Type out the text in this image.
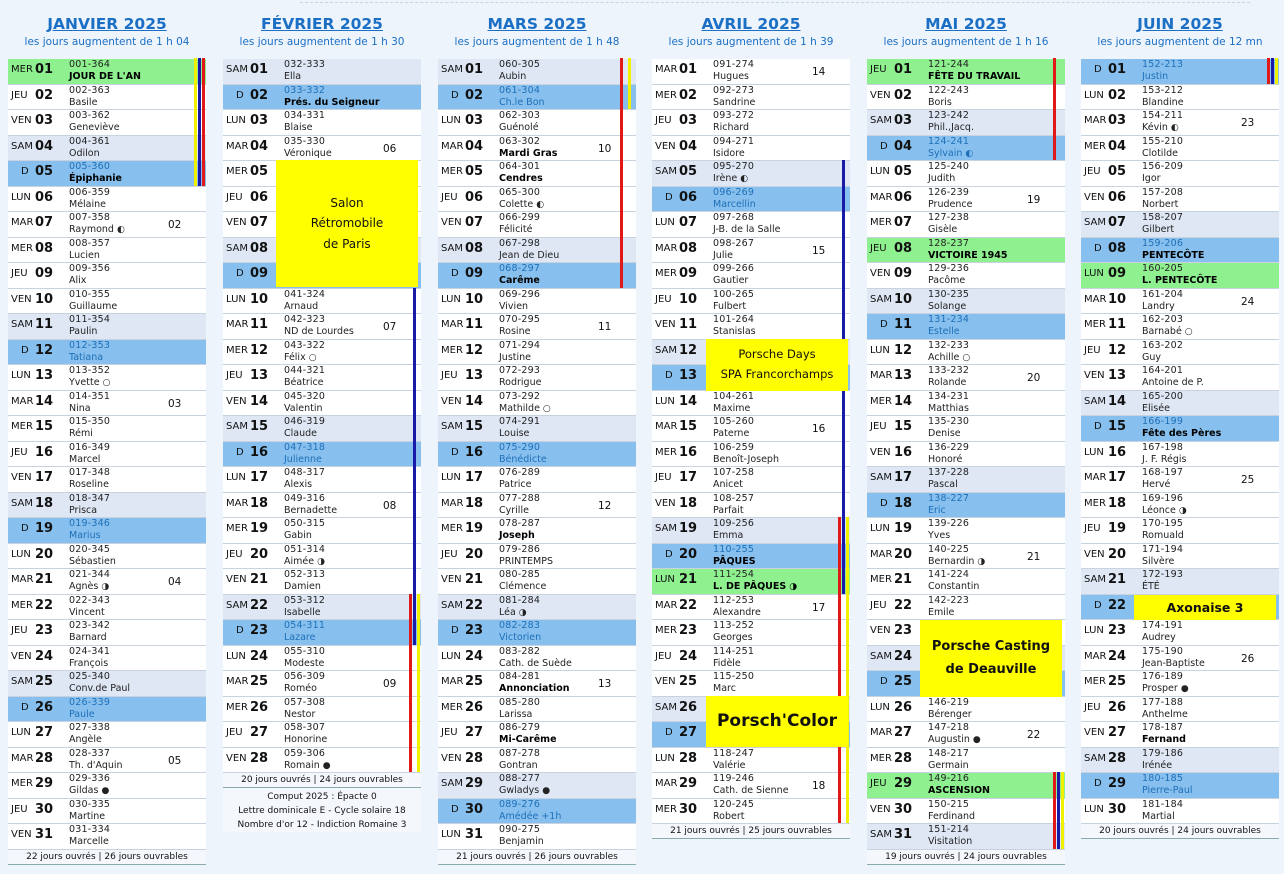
JANVIER 2025
les jours augmentent de 1 h 04
MER 01 001-364
JOUR DE L'AN
JEU 02 002-363
Basile
VEN 03 003-362
Geneviève
SAM 04 004-361
Odilon
D 05 005-360
Épiphanie
LUN 06 006-359
Mélaine
MAR 07 007-358
Raymond ◐	02
MER 08 008-357
Lucien
JEU 09 009-356
Alix
VEN 10 010-355
Guillaume
SAM 11 011-354
Paulin
D 12 012-353
Tatiana
LUN 13 013-352
Yvette ○
MAR 14 014-351
Nina	03
MER 15 015-350
Rémi
JEU 16 016-349
Marcel
VEN 17 017-348
Roseline
SAM 18 018-347
Prisca
D 19 019-346
Marius
LUN 20 020-345
Sébastien
MAR 21 021-344
Agnès ◑	04
MER 22 022-343
Vincent
JEU 23 023-342
Barnard
VEN 24 024-341
François
SAM 25 025-340
Conv.de Paul
D 26 026-339
Paule
LUN 27 027-338
Angèle
MAR 28 028-337
Th. d'Aquin	05
MER 29 029-336
Gildas ●
JEU 30 030-335
Martine
VEN 31 031-334
Marcelle
22 jours ouvrés | 26 jours ouvrables
FÉVRIER 2025
les jours augmentent de 1 h 30
SAM 01 032-333
Ella
D 02 033-332
Prés. du Seigneur
LUN 03 034-331
Blaise
MAR 04 035-330
Véronique	06
MER 05
JEU 06
VEN 07
SAM 08
D 09
LUN 10 041-324
Arnaud
MAR 11 042-323
ND de Lourdes	07
MER 12 043-322
Félix ○
JEU 13 044-321
Béatrice
VEN 14 045-320
Valentin
SAM 15 046-319
Claude
D 16 047-318
Julienne
LUN 17 048-317
Alexis
MAR 18 049-316
Bernadette	08
MER 19 050-315
Gabin
JEU 20 051-314
Aimée ◑
VEN 21 052-313
Damien
SAM 22 053-312
Isabelle
D 23 054-311
Lazare
LUN 24 055-310
Modeste
MAR 25 056-309
Roméo	09
MER 26 057-308
Nestor
JEU 27 058-307
Honorine
VEN 28 059-306
Romain ●
20 jours ouvrés | 24 jours ouvrables
Comput 2025 : Épacte 0
Lettre dominicale E - Cycle solaire 18
Nombre d'or 12 - Indiction Romaine 3
MARS 2025
les jours augmentent de 1 h 48
SAM 01 060-305
Aubin
D 02 061-304
Ch.le Bon
LUN 03 062-303
Guénolé
MAR 04 063-302
Mardi Gras	10
MER 05 064-301
Cendres
JEU 06 065-300
Colette ◐
VEN 07 066-299
Félicité
SAM 08 067-298
Jean de Dieu
D 09 068-297
Carême
LUN 10 069-296
Vivien
MAR 11 070-295
Rosine	11
MER 12 071-294
Justine
JEU 13 072-293
Rodrigue
VEN 14 073-292
Mathilde ○
SAM 15 074-291
Louise
D 16 075-290
Bénédicte
LUN 17 076-289
Patrice
MAR 18 077-288
Cyrille	12
MER 19 078-287
Joseph
JEU 20 079-286
PRINTEMPS
VEN 21 080-285
Clémence
SAM 22 081-284
Léa ◑
D 23 082-283
Victorien
LUN 24 083-282
Cath. de Suède
MAR 25 084-281
Annonciation	13
MER 26 085-280
Larissa
JEU 27 086-279
Mi-Carême
VEN 28 087-278
Gontran
SAM 29 088-277
Gwladys ●
D 30 089-276
Amédée +1h
LUN 31 090-275
Benjamin
21 jours ouvrés | 26 jours ouvrables
AVRIL 2025
les jours augmentent de 1 h 39
MAR 01 091-274
Hugues	14
MER 02 092-273
Sandrine
JEU 03 093-272
Richard
VEN 04 094-271
Isidore
SAM 05 095-270
Irène ◐
D 06 096-269
Marcellin
LUN 07 097-268
J-B. de la Salle
MAR 08 098-267
Julie	15
MER 09 099-266
Gautier
JEU 10 100-265
Fulbert
VEN 11 101-264
Stanislas
SAM 12
D 13
LUN 14 104-261
Maxime
MAR 15 105-260
Paterne	16
MER 16 106-259
Benoît-Joseph
JEU 17 107-258
Anicet
VEN 18 108-257
Parfait
SAM 19 109-256
Emma
D 20 110-255
PÂQUES
LUN 21 111-254
L. DE PÂQUES ◑
MAR 22 112-253
Alexandre	17
MER 23 113-252
Georges
JEU 24 114-251
Fidèle
VEN 25 115-250
Marc
SAM 26
D 27
LUN 28 118-247
Valérie
MAR 29 119-246
Cath. de Sienne 18
MER 30 120-245
Robert
21 jours ouvrés | 25 jours ouvrables
MAI 2025
les jours augmentent de 1 h 16
JEU 01 121-244
FÊTE DU TRAVAIL
VEN 02 122-243
Boris
SAM 03 123-242
Phil.,Jacq.
D 04 124-241
Sylvain ◐
LUN 05 125-240
Judith
MAR 06 126-239
Prudence	19
MER 07 127-238
Gisèle
JEU 08 128-237
VICTOIRE 1945
VEN 09 129-236
Pacôme
SAM 10 130-235
Solange
D 11 131-234
Estelle
LUN 12 132-233
Achille ○
MAR 13 133-232
Rolande	20
MER 14 134-231
Matthias
JEU 15 135-230
Denise
VEN 16 136-229
Honoré
SAM 17 137-228
Pascal
D 18 138-227
Eric
LUN 19 139-226
Yves
MAR 20 140-225
Bernardin ◑	21
MER 21 141-224
Constantin
JEU 22 142-223
Emile
VEN 23
SAM 24
D 25
LUN 26 146-219
Bérenger
MAR 27 147-218
Augustin ●	22
MER 28 148-217
Germain
JEU 29 149-216
ASCENSION
VEN 30 150-215
Ferdinand
SAM 31 151-214
Visitation
19 jours ouvrés | 24 jours ouvrables
JUIN 2025
les jours augmentent de 12 mn
D 01 152-213
Justin
LUN 02 153-212
Blandine
MAR 03 154-211
Kévin ◐	23
MER 04 155-210
Clotilde
JEU 05 156-209
Igor
VEN 06 157-208
Norbert
SAM 07 158-207
Gilbert
D 08 159-206
PENTECÔTE
LUN 09 160-205
L. PENTECÔTE
MAR 10 161-204
Landry	24
MER 11 162-203
Barnabé ○
JEU 12 163-202
Guy
VEN 13 164-201
Antoine de P.
SAM 14 165-200
Elisée
D 15 166-199
Fête des Pères
LUN 16 167-198
J. F. Régis
MAR 17 168-197
Hervé	25
MER 18 169-196
Léonce ◑
JEU 19 170-195
Romuald
VEN 20 171-194
Silvère
SAM 21 172-193
ÉTÉ
D 22
LUN 23 174-191
Audrey
MAR 24 175-190
Jean-Baptiste	26
MER 25 176-189
Prosper ●
JEU 26 177-188
Anthelme
VEN 27 178-187
Fernand
SAM 28 179-186
Irénée
D 29 180-185
Pierre-Paul
LUN 30 181-184
Martial
20 jours ouvrés | 24 jours ouvrables
Salon
Rétromobile
de Paris
Porsche Days
SPA Francorchamps
Porsch'Color
Porsche Casting
de Deauville
Axonaise 3
